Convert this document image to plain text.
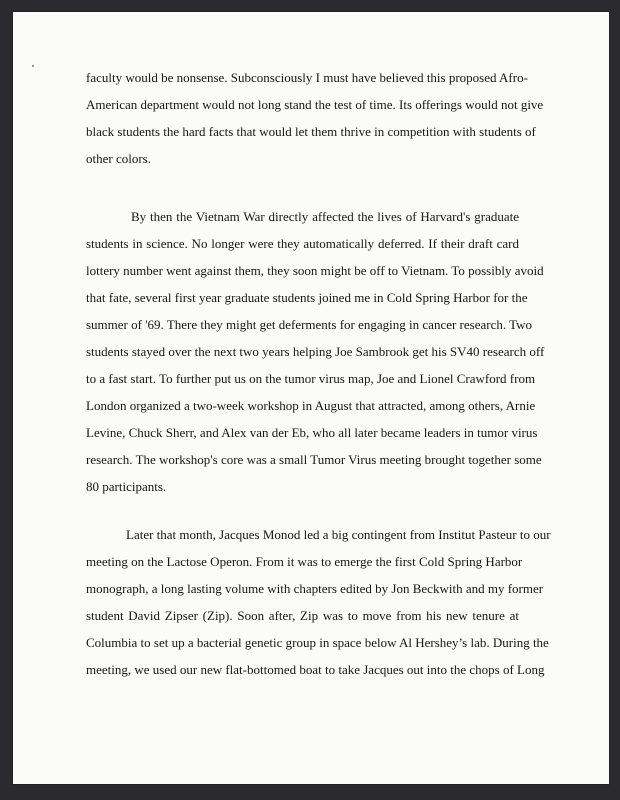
faculty would be nonsense. Subconsciously I must have believed this proposed Afro-
American department would not long stand the test of time. Its offerings would not give
black students the hard facts that would let them thrive in competition with students of
other colors.
By then the Vietnam War directly affected the lives of Harvard's graduate
students in science. No longer were they automatically deferred. If their draft card
lottery number went against them, they soon might be off to Vietnam. To possibly avoid
that fate, several first year graduate students joined me in Cold Spring Harbor for the
summer of '69. There they might get deferments for engaging in cancer research. Two
students stayed over the next two years helping Joe Sambrook get his SV40 research off
to a fast start. To further put us on the tumor virus map, Joe and Lionel Crawford from
London organized a two-week workshop in August that attracted, among others, Arnie
Levine, Chuck Sherr, and Alex van der Eb, who all later became leaders in tumor virus
research. The workshop's core was a small Tumor Virus meeting brought together some
80 participants.
Later that month, Jacques Monod led a big contingent from Institut Pasteur to our
meeting on the Lactose Operon. From it was to emerge the first Cold Spring Harbor
monograph, a long lasting volume with chapters edited by Jon Beckwith and my former
student David Zipser (Zip). Soon after, Zip was to move from his new tenure at
Columbia to set up a bacterial genetic group in space below Al Hershey’s lab. During the
meeting, we used our new flat-bottomed boat to take Jacques out into the chops of Long
